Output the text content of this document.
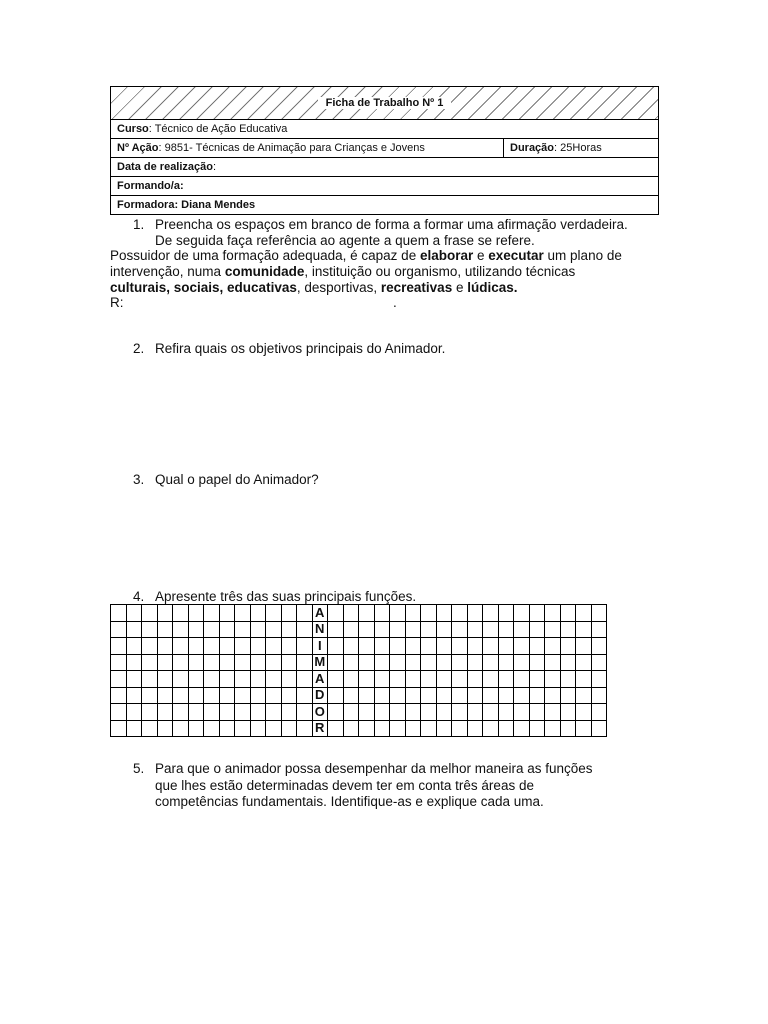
Ficha de Trabalho Nº 1
Curso : Técnico de Ação Educativa
Nº Ação : 9851- Técnicas de Animação para Crianças e Jovens	Duração : 25Horas
Data de realização :
Formando/a:
Formadora: Diana Mendes
1. Preencha os espaços em branco de forma a formar uma afirmação verdadeira.
De seguida faça referência ao agente a quem a frase se refere.
Possuidor de uma formação adequada, é capaz de elaborar e executar um plano de
intervenção, numa comunidade, instituição ou organismo, utilizando técnicas
culturais, sociais, educativas, desportivas, recreativas e lúdicas.
R:	.
2. Refira quais os objetivos principais do Animador.
3. Qual o papel do Animador?
4. Apresente três das suas principais funções.
													A																		
													N																		
													I																		
													M																		
													A																		
													D																		
													O																		
													R																		
5. Para que o animador possa desempenhar da melhor maneira as funções
que lhes estão determinadas devem ter em conta três áreas de
competências fundamentais. Identifique-as e explique cada uma.
